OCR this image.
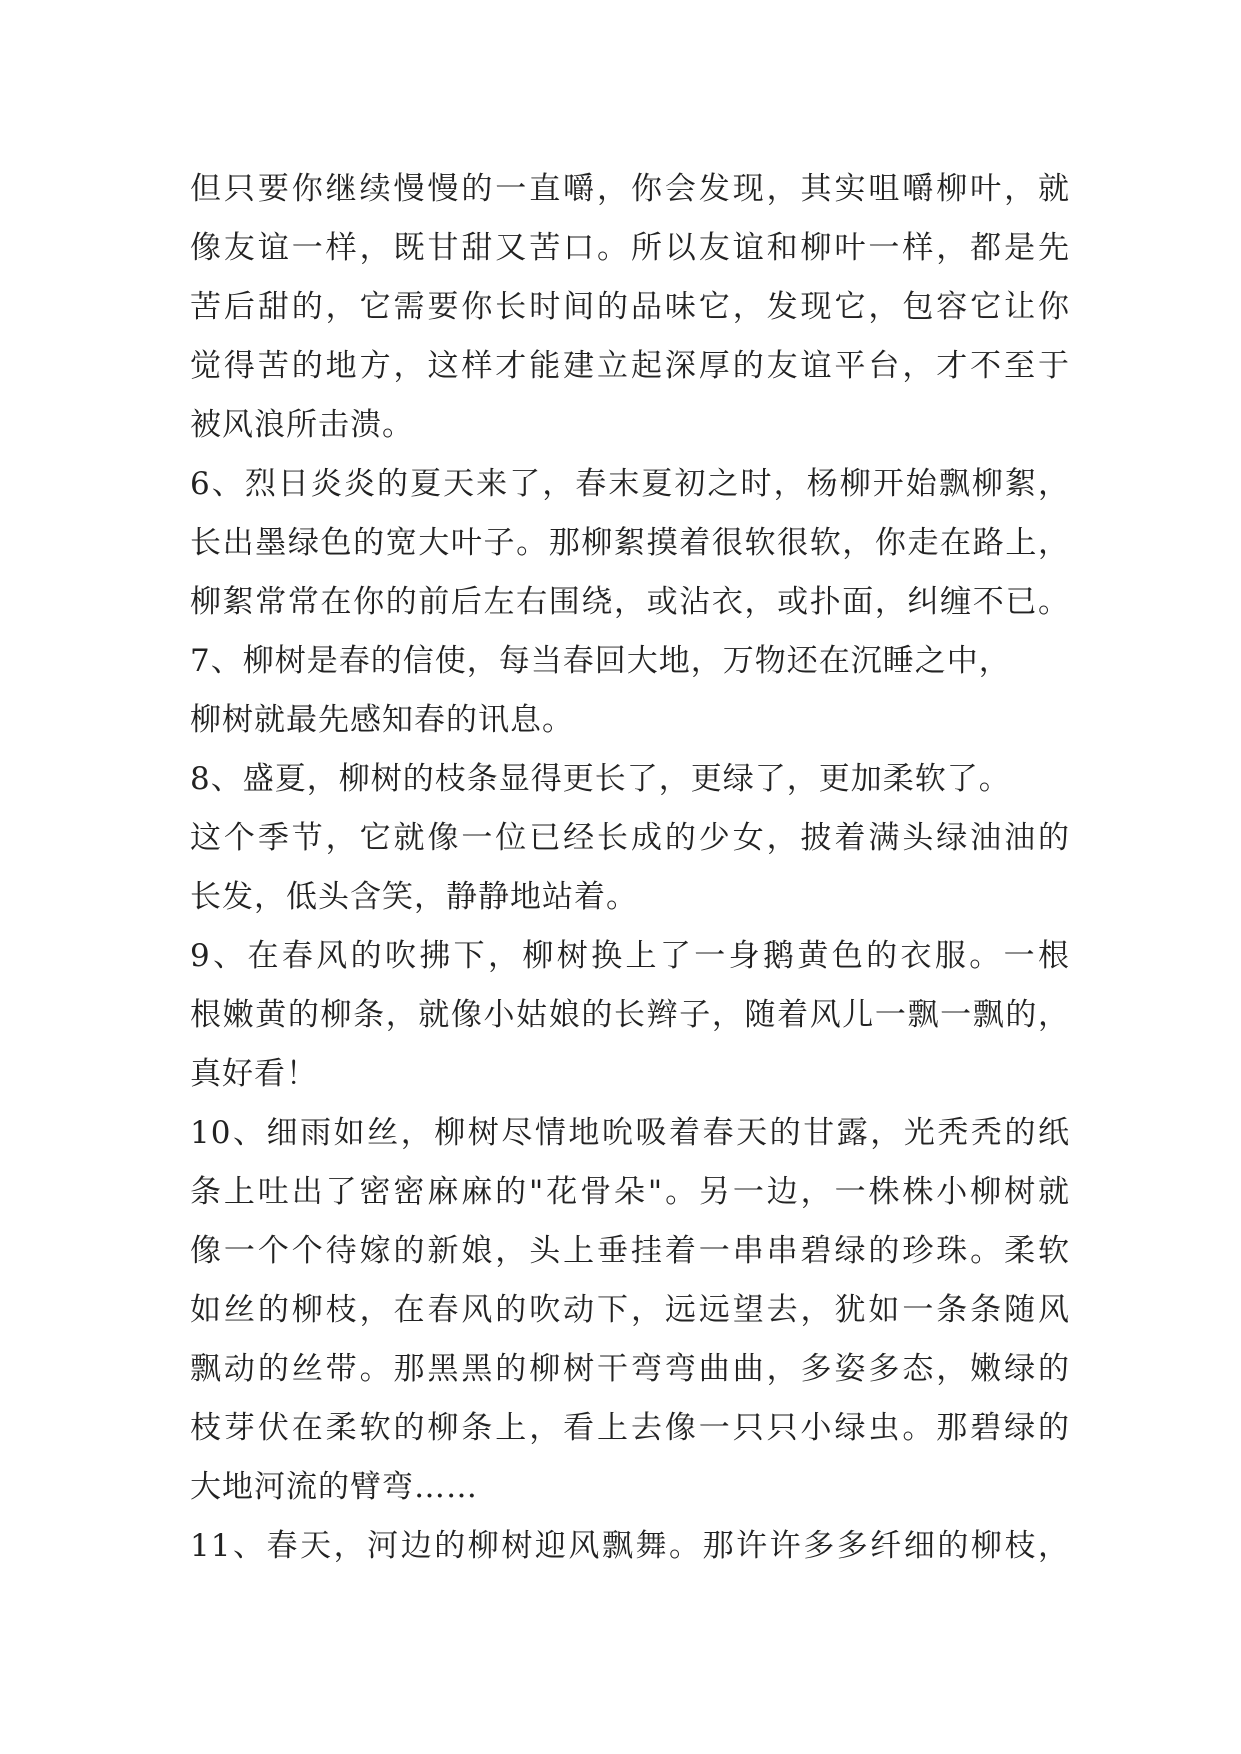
但只要你继续慢慢的一直嚼，你会发现，其实咀嚼柳叶，就
像友谊一样，既甘甜又苦口。所以友谊和柳叶一样，都是先
苦后甜的，它需要你长时间的品味它，发现它，包容它让你
觉得苦的地方，这样才能建立起深厚的友谊平台，才不至于
被风浪所击溃。
6、烈日炎炎的夏天来了，春末夏初之时，杨柳开始飘柳絮，
长出墨绿色的宽大叶子。那柳絮摸着很软很软，你走在路上，
柳絮常常在你的前后左右围绕，或沾衣，或扑面，纠缠不已。
7、柳树是春的信使，每当春回大地，万物还在沉睡之中，
柳树就最先感知春的讯息。
8、盛夏，柳树的枝条显得更长了，更绿了，更加柔软了。
这个季节，它就像一位已经长成的少女，披着满头绿油油的
长发，低头含笑，静静地站着。
9、在春风的吹拂下，柳树换上了一身鹅黄色的衣服。一根
根嫩黄的柳条，就像小姑娘的长辫子，随着风儿一飘一飘的，
真好看！
10、细雨如丝，柳树尽情地吮吸着春天的甘露，光秃秃的纸
条上吐出了密密麻麻的"花骨朵"。另一边，一株株小柳树就
像一个个待嫁的新娘，头上垂挂着一串串碧绿的珍珠。柔软
如丝的柳枝，在春风的吹动下，远远望去，犹如一条条随风
飘动的丝带。那黑黑的柳树干弯弯曲曲，多姿多态，嫩绿的
枝芽伏在柔软的柳条上，看上去像一只只小绿虫。那碧绿的
大地河流的臂弯……
11、春天，河边的柳树迎风飘舞。那许许多多纤细的柳枝，
